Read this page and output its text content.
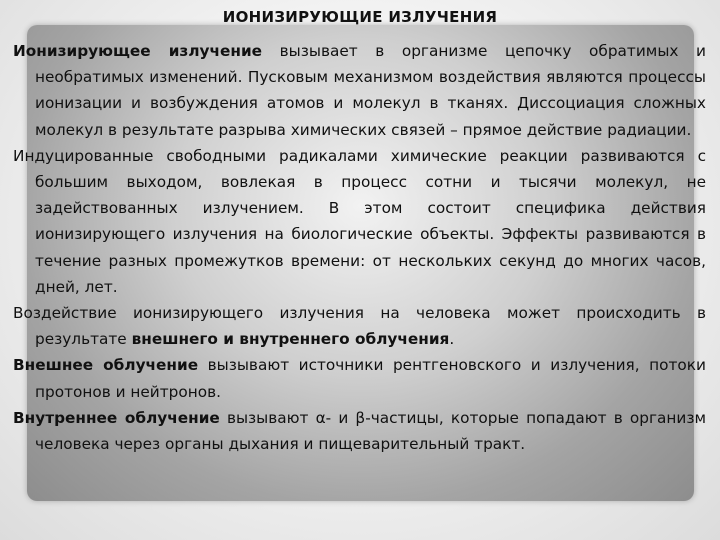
ИОНИЗИРУЮЩИЕ ИЗЛУЧЕНИЯ

Ионизирующее излучение вызывает в организме цепочку обратимых и необратимых изменений. Пусковым механизмом воздействия являются процессы ионизации и возбуждения атомов и молекул в тканях. Диссоциация сложных молекул в результате разрыва химических связей – прямое действие радиации.

Индуцированные свободными радикалами химические реакции развиваются с большим выходом, вовлекая в процесс сотни и тысячи молекул, не задействованных излучением. В этом состоит специфика действия ионизирующего излучения на биологические объекты. Эффекты развиваются в течение разных промежутков времени: от нескольких секунд до многих часов, дней, лет.

Воздействие ионизирующего излучения на человека может происходить в результате внешнего и внутреннего облучения.

Внешнее облучение вызывают источники рентгеновского и излучения, потоки протонов и нейтронов.

Внутреннее облучение вызывают α- и β-частицы, которые попадают в организм человека через органы дыхания и пищеварительный тракт.
